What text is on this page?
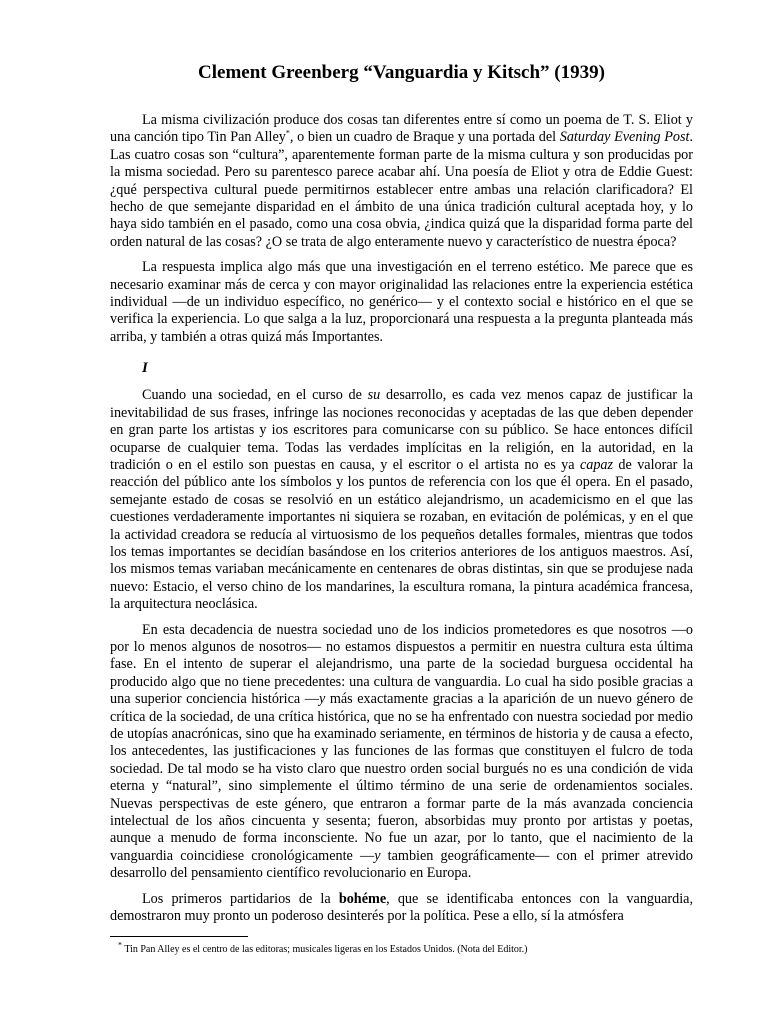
Clement Greenberg “Vanguardia y Kitsch” (1939)

La misma civilización produce dos cosas tan diferentes entre sí como un poema de T. S. Eliot y una canción tipo Tin Pan Alley*, o bien un cuadro de Braque y una portada del Saturday Evening Post. Las cuatro cosas son “cultura”, aparentemente forman parte de la misma cultura y son producidas por la misma sociedad. Pero su parentesco parece acabar ahí. Una poesía de Eliot y otra de Eddie Guest: ¿qué perspectiva cultural puede permitirnos establecer entre ambas una relación clarificadora? El hecho de que semejante disparidad en el ámbito de una única tradición cultural aceptada hoy, y lo haya sido también en el pasado, como una cosa obvia, ¿indica quizá que la disparidad forma parte del orden natural de las cosas? ¿O se trata de algo enteramente nuevo y característico de nuestra época?

La respuesta implica algo más que una investigación en el terreno estético. Me parece que es necesario examinar más de cerca y con mayor originalidad las relaciones entre la experiencia estética individual —de un individuo específico, no genérico— y el contexto social e histórico en el que se verifica la experiencia. Lo que salga a la luz, proporcionará una respuesta a la pregunta planteada más arriba, y también a otras quizá más Importantes.

I

Cuando una sociedad, en el curso de su desarrollo, es cada vez menos capaz de justificar la inevitabilidad de sus frases, infringe las nociones reconocidas y aceptadas de las que deben depender en gran parte los artistas y ios escritores para comunicarse con su público. Se hace entonces difícil ocuparse de cualquier tema. Todas las verdades implícitas en la religión, en la autoridad, en la tradición o en el estilo son puestas en causa, y el escritor o el artista no es ya capaz de valorar la reacción del público ante los símbolos y los puntos de referencia con los que él opera. En el pasado, semejante estado de cosas se resolvió en un estático alejandrismo, un academicismo en el que las cuestiones verdaderamente importantes ni siquiera se rozaban, en evitación de polémicas, y en el que la actividad creadora se reducía al virtuosismo de los pequeños detalles formales, mientras que todos los temas importantes se decidían basándose en los criterios anteriores de los antiguos maestros. Así, los mismos temas variaban mecánicamente en centenares de obras distintas, sin que se produjese nada nuevo: Estacio, el verso chino de los mandarines, la escultura romana, la pintura académica francesa, la arquitectura neoclásica.

En esta decadencia de nuestra sociedad uno de los indicios prometedores es que nosotros —o por lo menos algunos de nosotros— no estamos dispuestos a permitir en nuestra cultura esta última fase. En el intento de superar el alejandrismo, una parte de la sociedad burguesa occidental ha producido algo que no tiene precedentes: una cultura de vanguardia. Lo cual ha sido posible gracias a una superior conciencia histórica —y más exactamente gracias a la aparición de un nuevo género de crítica de la sociedad, de una crítica histórica, que no se ha enfrentado con nuestra sociedad por medio de utopías anacrónicas, sino que ha examinado seriamente, en términos de historia y de causa a efecto, los antecedentes, las justificaciones y las funciones de las formas que constituyen el fulcro de toda sociedad. De tal modo se ha visto claro que nuestro orden social burgués no es una condición de vida eterna y “natural”, sino simplemente el último término de una serie de ordenamientos sociales. Nuevas perspectivas de este género, que entraron a formar parte de la más avanzada conciencia intelectual de los años cincuenta y sesenta; fueron, absorbidas muy pronto por artistas y poetas, aunque a menudo de forma inconsciente. No fue un azar, por lo tanto, que el nacimiento de la vanguardia coincidiese cronológicamente —y tambien geográficamente— con el primer atrevido desarrollo del pensamiento científico revolucionario en Europa.

Los primeros partidarios de la bohéme, que se identificaba entonces con la vanguardia, demostraron muy pronto un poderoso desinterés por la política. Pese a ello, sí la atmósfera

* Tin Pan Alley es el centro de las editoras; musicales ligeras en los Estados Unidos. (Nota del Editor.)
